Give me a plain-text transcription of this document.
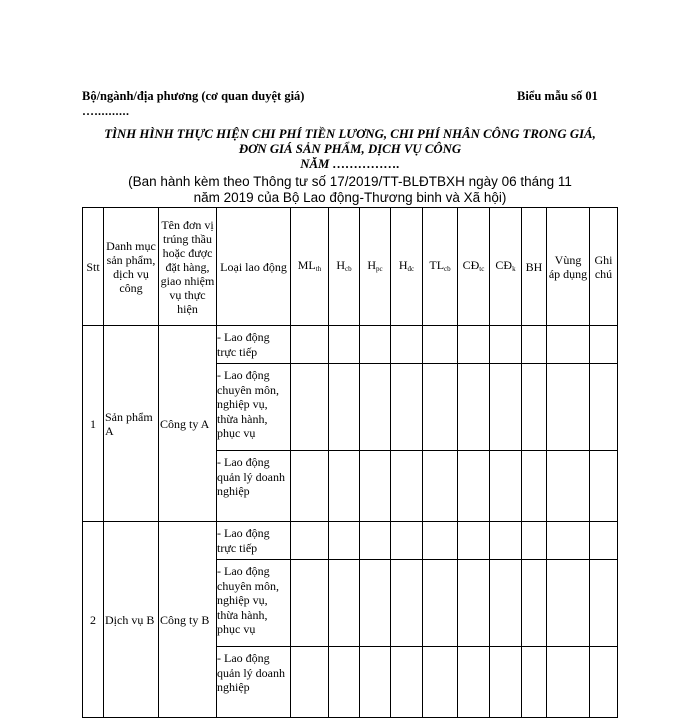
Bộ/ngành/địa phương (cơ quan duyệt giá)	Biểu mẫu số 01
…..........
TÌNH HÌNH THỰC HIỆN CHI PHÍ TIỀN LƯƠNG, CHI PHÍ NHÂN CÔNG TRONG GIÁ,
ĐƠN GIÁ SẢN PHẨM, DỊCH VỤ CÔNG
NĂM …………….
(Ban hành kèm theo Thông tư số 17/2019/TT-BLĐTBXH ngày 06 tháng 11
năm 2019 của Bộ Lao động-Thương binh và Xã hội)
Stt	Danh mục sản phẩm, dịch vụ công	Tên đơn vị trúng thầu hoặc được đặt hàng, giao nhiệm vụ thực hiện	Loại lao động	$ML_{th}$	$H_{cb}$	$H_{pc}$	$H_{đc}$	$TL_{cb}$	$CĐ_{tc}$	$CĐ_k$	BH	Vùng áp dụng	Ghi chú
1	Sản phẩm A	Công ty A	- Lao động trực tiếp										
			- Lao động chuyên môn, nghiệp vụ, thừa hành, phục vụ										
			- Lao động quản lý doanh nghiệp										
2	Dịch vụ B	Công ty B	- Lao động trực tiếp										
			- Lao động chuyên môn, nghiệp vụ, thừa hành, phục vụ										
			- Lao động quản lý doanh nghiệp										
